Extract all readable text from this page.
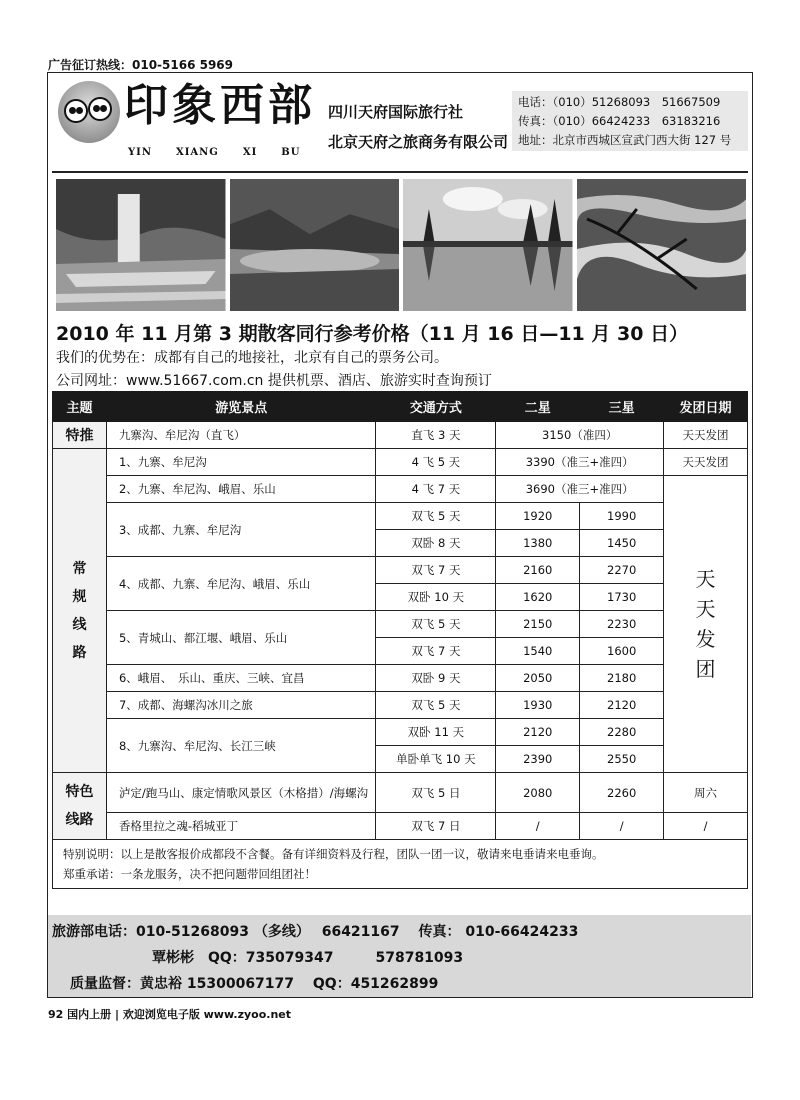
广告征订热线：010-5166 5969
印象西部
YIN XIANG XI BU
四川天府国际旅行社
北京天府之旅商务有限公司
电话：（010）51268093　51667509
传真：（010）66424233　63183216
地址：北京市西城区宣武门西大街 127 号
2010 年 11 月第 3 期散客同行参考价格（11 月 16 日—11 月 30 日）
我们的优势在：成都有自己的地接社，北京有自己的票务公司。
公司网址：www.51667.com.cn 提供机票、酒店、旅游实时查询预订
主题	游览景点	交通方式	二星	三星	发团日期
特推	九寨沟、牟尼沟（直飞）	直飞 3 天	3150（准四）		天天发团

常
规
线
路	1、九寨、牟尼沟	4 飞 5 天	3390（准三+准四）		天天发团
	2、九寨、牟尼沟、峨眉、乐山	4 飞 7 天	3690（准三+准四）		天
天
发
团

	3、成都、九寨、牟尼沟	双飞 5 天	1920	1990	
		双卧 8 天	1380	1450	
	4、成都、九寨、牟尼沟、峨眉、乐山	双飞 7 天	2160	2270	
		双卧 10 天	1620	1730	
	5、青城山、都江堰、峨眉、乐山	双飞 5 天	2150	2230	
		双飞 7 天	1540	1600	
	6、峨眉、　乐山、重庆、三峡、宜昌	双卧 9 天	2050	2180	
	7、成都、海螺沟冰川之旅	双飞 5 天	1930	2120	
	8、九寨沟、牟尼沟、长江三峡	双卧 11 天	2120	2280	
		单卧单飞 10 天	2390	2550	

特色
线路	泸定/跑马山、康定情歌风景区（木格措）/海螺沟	双飞 5 日	2080	2260	周六
	香格里拉之魂-稻城亚丁	双飞 7 日	/	/	/

特别说明：以上是散客报价成都段不含餐。备有详细资料及行程，团队一团一议，敬请来电垂请来电垂询。
郑重承诺：一条龙服务，决不把问题带回组团社！					
旅游部电话：010-51268093 （多线）　 66421167　 传真： 010-66424233
覃彬彬　QQ：735079347　　　578781093
质量监督：黄忠裕 15300067177　 QQ：451262899
92 国内上册 | 欢迎浏览电子版 www.zyoo.net
